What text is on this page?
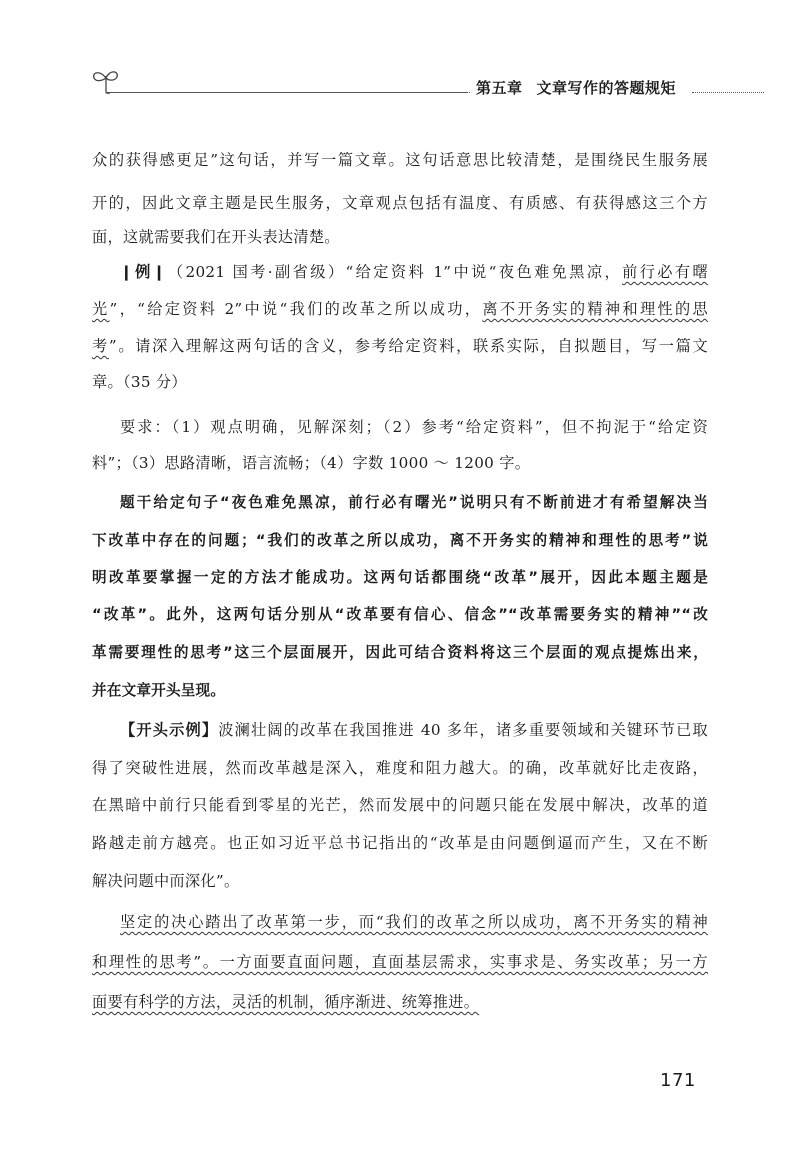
第五章 文章写作的答题规矩
众的获得感更足”这句话，并写一篇文章。这句话意思比较清楚，是围绕民生服务展
开的，因此文章主题是民生服务，文章观点包括有温度、有质感、有获得感这三个方
面，这就需要我们在开头表达清楚。
❙例❙（2021 国考·副省级）“给定资料 1”中说“夜色难免黑凉，前行必有曙
光”，“给定资料 2”中说“我们的改革之所以成功，离不开务实的精神和理性的思
考”。请深入理解这两句话的含义，参考给定资料，联系实际，自拟题目，写一篇文
章。（35 分）
要求：（1）观点明确，见解深刻；（2）参考“给定资料”，但不拘泥于“给定资
料”；（3）思路清晰，语言流畅；（4）字数 1000 ～ 1200 字。
题干给定句子“夜色难免黑凉，前行必有曙光”说明只有不断前进才有希望解决当
下改革中存在的问题；“我们的改革之所以成功，离不开务实的精神和理性的思考”说
明改革要掌握一定的方法才能成功。这两句话都围绕“改革”展开，因此本题主题是
“改革”。此外，这两句话分别从“改革要有信心、信念”“改革需要务实的精神”“改
革需要理性的思考”这三个层面展开，因此可结合资料将这三个层面的观点提炼出来，
并在文章开头呈现。
【开头示例】波澜壮阔的改革在我国推进 40 多年，诸多重要领域和关键环节已取
得了突破性进展，然而改革越是深入，难度和阻力越大。的确，改革就好比走夜路，
在黑暗中前行只能看到零星的光芒，然而发展中的问题只能在发展中解决，改革的道
路越走前方越亮。也正如习近平总书记指出的“改革是由问题倒逼而产生，又在不断
解决问题中而深化”。
坚定的决心踏出了改革第一步，而“我们的改革之所以成功，离不开务实的精神
和理性的思考”。一方面要直面问题，直面基层需求，实事求是、务实改革；另一方
面要有科学的方法，灵活的机制，循序渐进、统筹推进。
171
